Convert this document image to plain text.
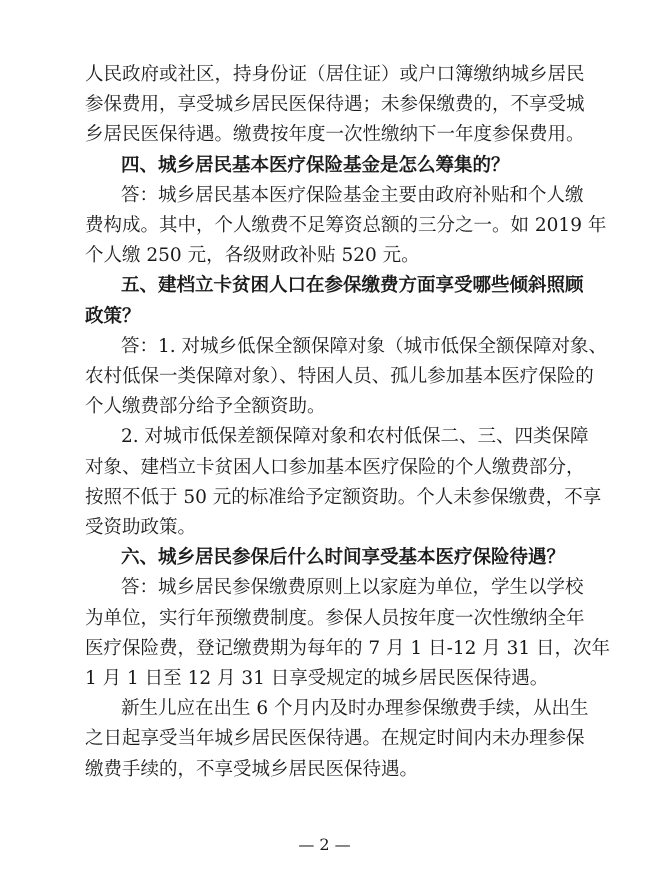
人民政府或社区，持身份证（居住证）或户口簿缴纳城乡居民
参保费用，享受城乡居民医保待遇；未参保缴费的，不享受城
乡居民医保待遇。缴费按年度一次性缴纳下一年度参保费用。
四、城乡居民基本医疗保险基金是怎么筹集的？
答：城乡居民基本医疗保险基金主要由政府补贴和个人缴
费构成。其中，个人缴费不足筹资总额的三分之一。如 2019 年
个人缴 250 元，各级财政补贴 520 元。
五、建档立卡贫困人口在参保缴费方面享受哪些倾斜照顾
政策？
答：1. 对城乡低保全额保障对象（城市低保全额保障对象、
农村低保一类保障对象）、特困人员、孤儿参加基本医疗保险的
个人缴费部分给予全额资助。
2. 对城市低保差额保障对象和农村低保二、三、四类保障
对象、建档立卡贫困人口参加基本医疗保险的个人缴费部分，
按照不低于 50 元的标准给予定额资助。个人未参保缴费，不享
受资助政策。
六、城乡居民参保后什么时间享受基本医疗保险待遇？
答：城乡居民参保缴费原则上以家庭为单位，学生以学校
为单位，实行年预缴费制度。参保人员按年度一次性缴纳全年
医疗保险费，登记缴费期为每年的 7 月 1 日-12 月 31 日，次年
1 月 1 日至 12 月 31 日享受规定的城乡居民医保待遇。
新生儿应在出生 6 个月内及时办理参保缴费手续，从出生
之日起享受当年城乡居民医保待遇。在规定时间内未办理参保
缴费手续的，不享受城乡居民医保待遇。
— 2 —
